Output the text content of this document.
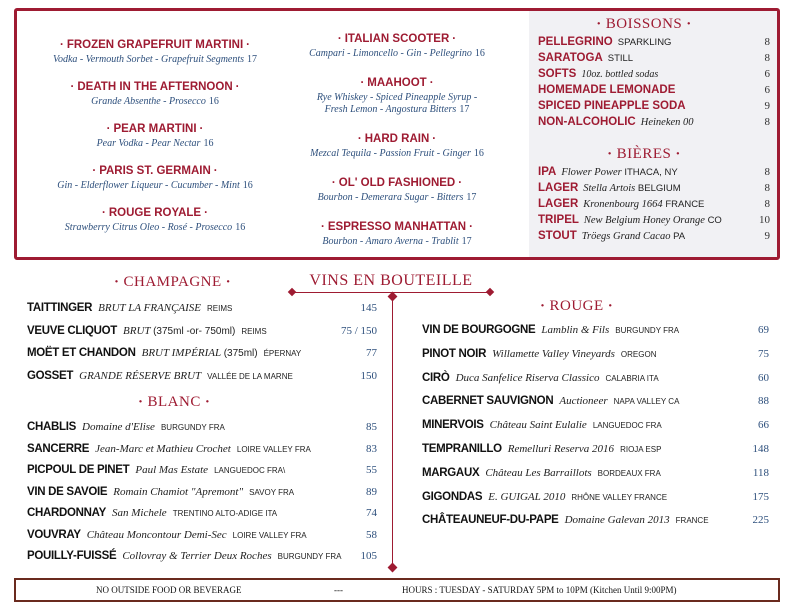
· FROZEN GRAPEFRUIT MARTINI ·
Vodka - Vermouth Sorbet - Grapefruit Segments 17
· DEATH IN THE AFTERNOON ·
Grande Absenthe - Prosecco 16
· PEAR MARTINI ·
Pear Vodka - Pear Nectar 16
· PARIS ST. GERMAIN ·
Gin - Elderflower Liqueur - Cucumber - Mint 16
· ROUGE ROYALE ·
Strawberry Citrus Oleo - Rosé - Prosecco 16
· ITALIAN SCOOTER ·
Campari - Limoncello - Gin - Pellegrino 16
· MAAHOOT ·
Rye Whiskey - Spiced Pineapple Syrup -
Fresh Lemon - Angostura Bitters 17
· HARD RAIN ·
Mezcal Tequila - Passion Fruit - Ginger 16
· OL' OLD FASHIONED ·
Bourbon - Demerara Sugar - Bitters 17
· ESPRESSO MANHATTAN ·
Bourbon - Amaro Averna - Trablit 17
· BOISSONS ·
PELLEGRINO SPARKLING	8
SARATOGA STILL	8
SOFTS 10oz. bottled sodas	6
HOMEMADE LEMONADE	6
SPICED PINEAPPLE SODA	9
NON-ALCOHOLIC Heineken 00	8
· BIÈRES ·
IPA Flower Power ITHACA, NY	8
LAGER Stella Artois BELGIUM	8
LAGER Kronenbourg 1664 FRANCE	8
TRIPEL New Belgium Honey Orange CO	10
STOUT Tröegs Grand Cacao PA	9
VINS EN BOUTEILLE
· CHAMPAGNE ·
TAITTINGER BRUT LA FRANÇAISE REIMS	145
VEUVE CLIQUOT BRUT (375ml -or- 750ml) REIMS	75 / 150
MOËT ET CHANDON BRUT IMPÉRIAL (375ml) ÉPERNAY	77
GOSSET GRANDE RÉSERVE BRUT VALLÉE DE LA MARNE	150
· BLANC ·
CHABLIS Domaine d'Elise BURGUNDY FRA	85
SANCERRE Jean-Marc et Mathieu Crochet LOIRE VALLEY FRA	83
PICPOUL DE PINET Paul Mas Estate LANGUEDOC FRA\	55
VIN DE SAVOIE Romain Chamiot "Apremont" SAVOY FRA	89
CHARDONNAY San Michele TRENTINO ALTO-ADIGE ITA	74
VOUVRAY Château Moncontour Demi-Sec LOIRE VALLEY FRA	58
POUILLY-FUISSÉ Collovray & Terrier Deux Roches BURGUNDY FRA 105
· ROUGE ·
VIN DE BOURGOGNE Lamblin & Fils BURGUNDY FRA	69
PINOT NOIR Willamette Valley Vineyards OREGON	75
CIRÒ Duca Sanfelice Riserva Classico CALABRIA ITA	60
CABERNET SAUVIGNON Auctioneer NAPA VALLEY CA	88
MINERVOIS Château Saint Eulalie LANGUEDOC FRA	66
TEMPRANILLO Remelluri Reserva 2016 RIOJA ESP	148
MARGAUX Château Les Barraillots BORDEAUX FRA	118
GIGONDAS E. GUIGAL 2010 RHÔNE VALLEY FRANCE	175
CHÂTEAUNEUF-DU-PAPE Domaine Galevan 2013 FRANCE	225
NO OUTSIDE FOOD OR BEVERAGE	---	HOURS : TUESDAY - SATURDAY 5PM to 10PM (Kitchen Until 9:00PM)
